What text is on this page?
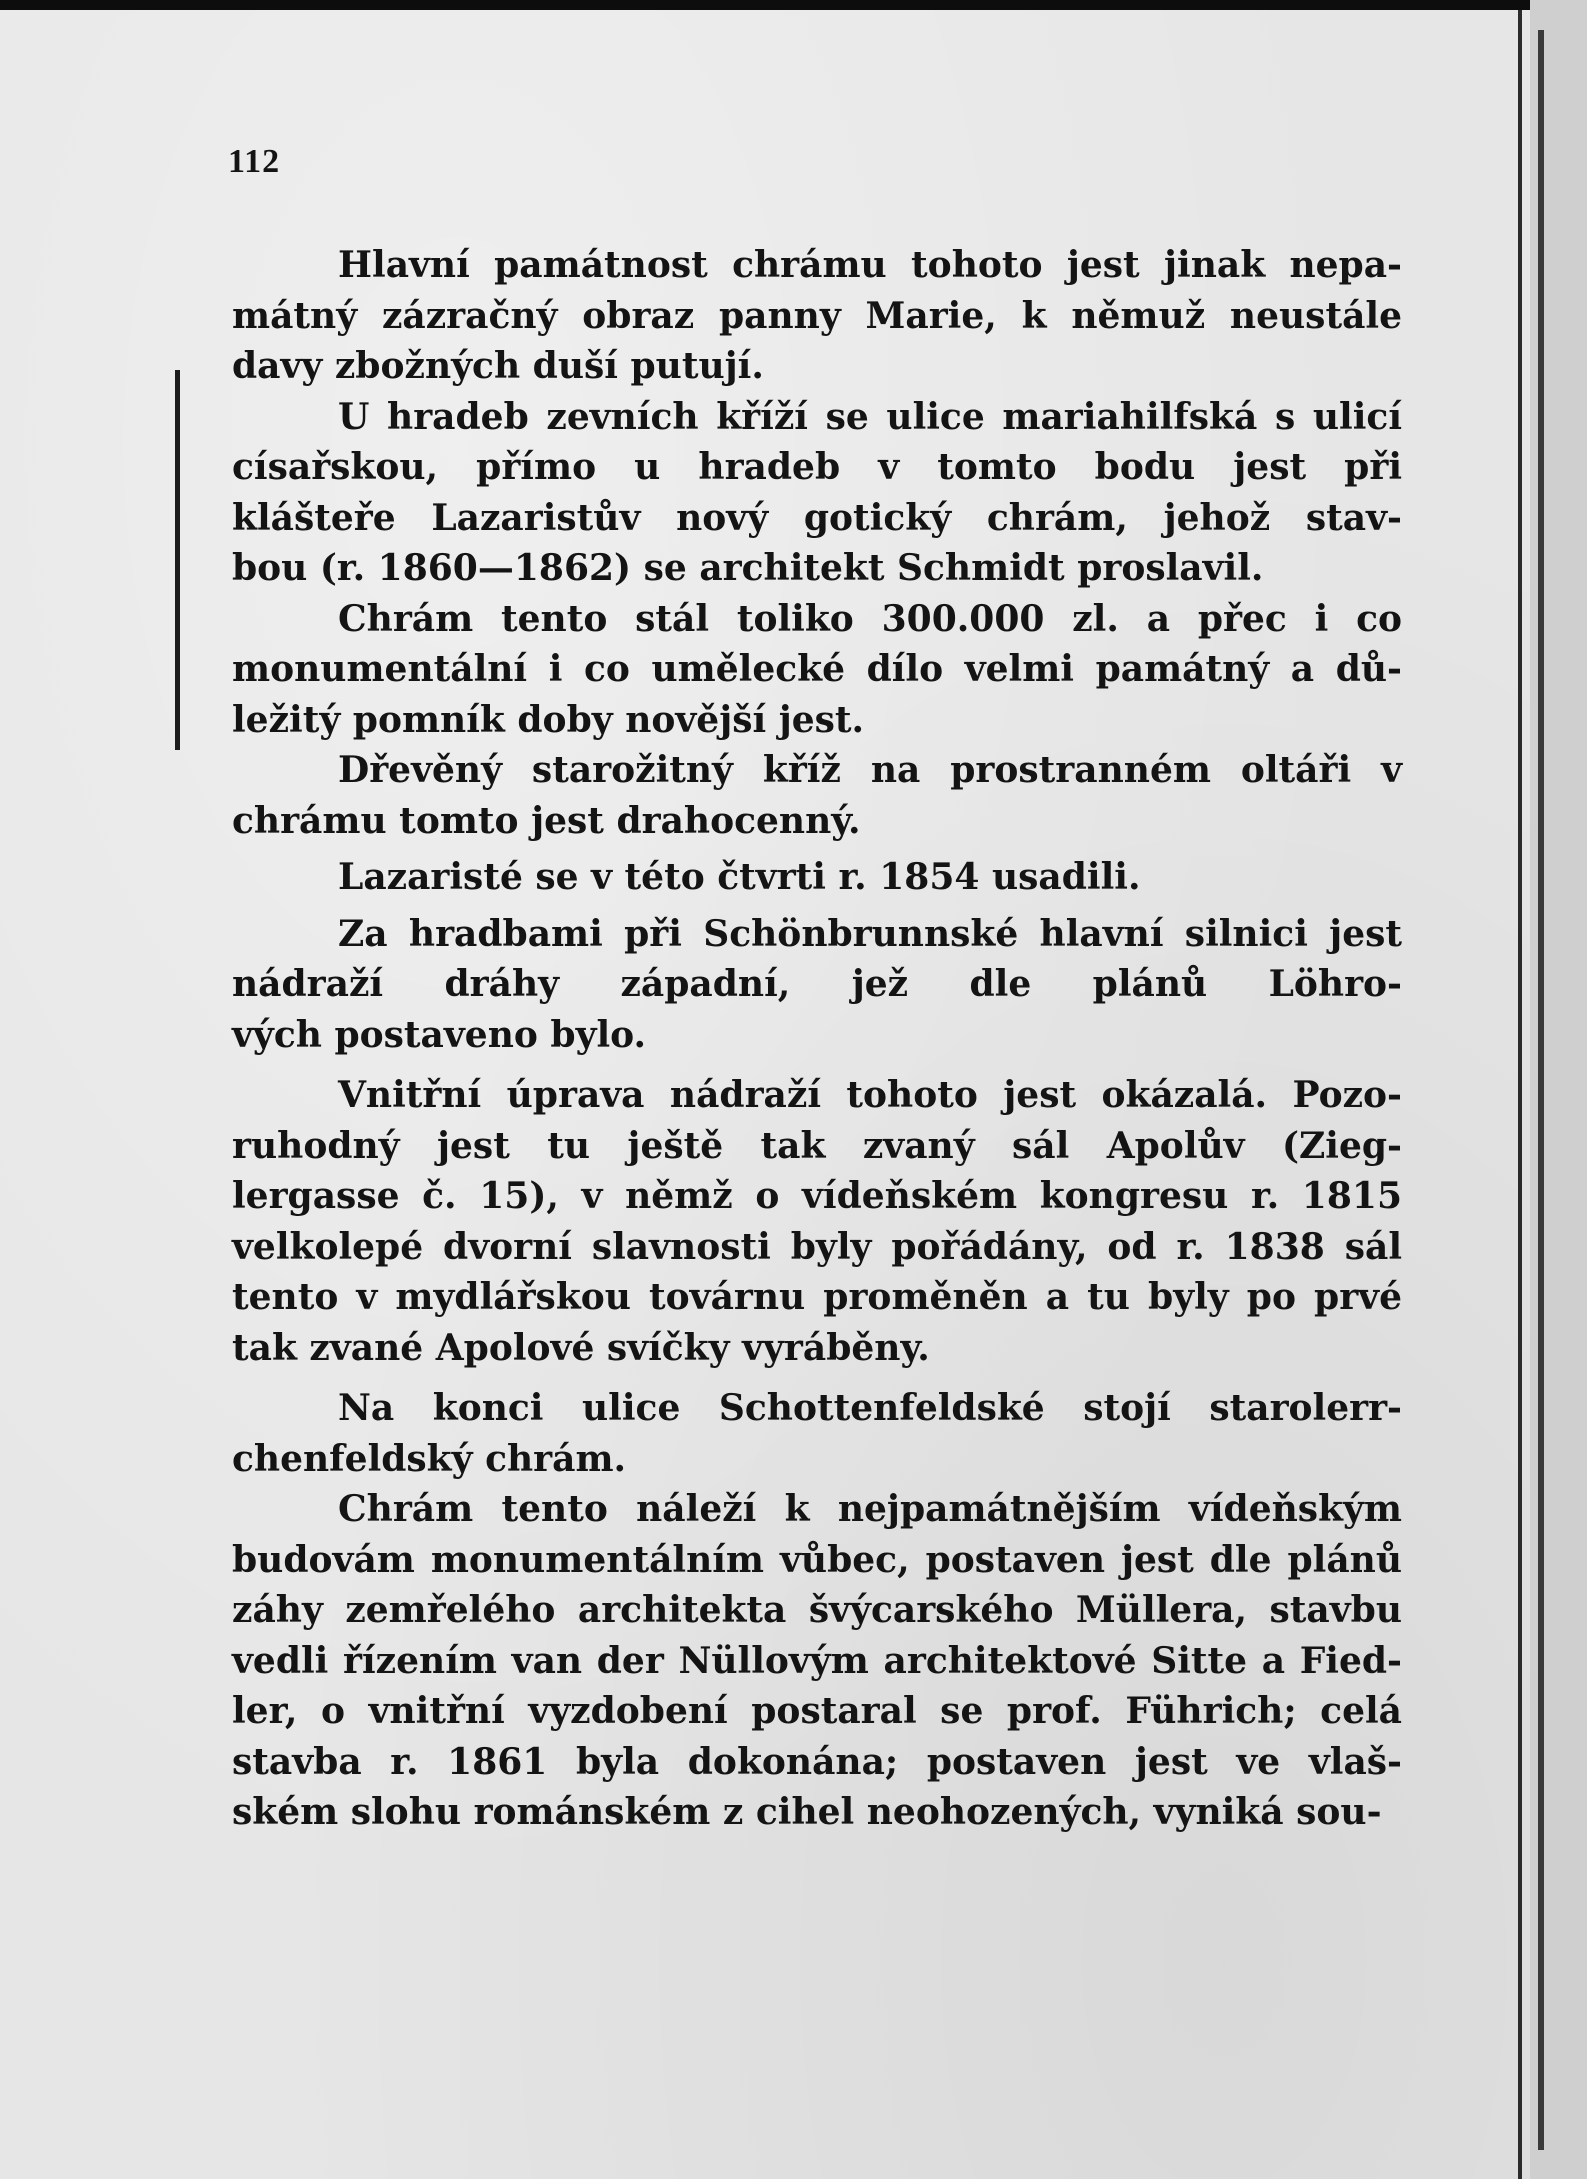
112
Hlavní památnost chrámu tohoto jest jinak nepa-
mátný zázračný obraz panny Marie, k němuž neustále
davy zbožných duší putují.
U hradeb zevních kříží se ulice mariahilfská s ulicí
císařskou, přímo u hradeb v tomto bodu jest při
klášteře Lazaristův nový gotický chrám, jehož stav-
bou (r. 1860—1862) se architekt Schmidt proslavil.
Chrám tento stál toliko 300.000 zl. a přec i co
monumentální i co umělecké dílo velmi památný a dů-
ležitý pomník doby novější jest.
Dřevěný starožitný kříž na prostranném oltáři v
chrámu tomto jest drahocenný.
Lazaristé se v této čtvrti r. 1854 usadili.
Za hradbami při Schönbrunnské hlavní silnici jest
nádraží dráhy západní, jež dle plánů Löhro-
vých postaveno bylo.
Vnitřní úprava nádraží tohoto jest okázalá. Pozo-
ruhodný jest tu ještě tak zvaný sál Apolův (Zieg-
lergasse č. 15), v němž o vídeňském kongresu r. 1815
velkolepé dvorní slavnosti byly pořádány, od r. 1838 sál
tento v mydlářskou továrnu proměněn a tu byly po prvé
tak zvané Apolové svíčky vyráběny.
Na konci ulice Schottenfeldské stojí starolerr-
chenfeldský chrám.
Chrám tento náleží k nejpamátnějším vídeňským
budovám monumentálním vůbec, postaven jest dle plánů
záhy zemřelého architekta švýcarského Müllera, stavbu
vedli řízením van der Nüllovým architektové Sitte a Fied-
ler, o vnitřní vyzdobení postaral se prof. Führich; celá
stavba r. 1861 byla dokonána; postaven jest ve vlaš-
ském slohu románském z cihel neohozených, vyniká sou-
